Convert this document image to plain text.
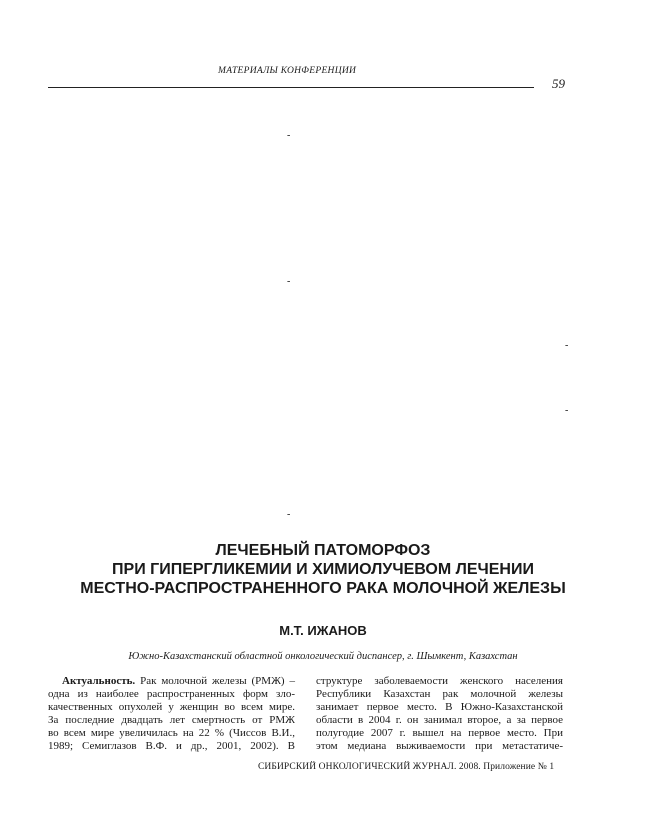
МАТЕРИАЛЫ КОНФЕРЕНЦИИ
59
-
-
-
-
-
ЛЕЧЕБНЫЙ ПАТОМОРФОЗ
ПРИ ГИПЕРГЛИКЕМИИ И ХИМИОЛУЧЕВОМ ЛЕЧЕНИИ
МЕСТНО-РАСПРОСТРАНЕННОГО РАКА МОЛОЧНОЙ ЖЕЛЕЗЫ
М.Т. ИЖАНОВ
Южно-Казахстанский областной онкологический диспансер, г. Шымкент, Казахстан
Актуальность. Рак молочной железы (РМЖ) –
одна из наиболее распространенных форм зло-
качественных опухолей у женщин во всем мире.
За последние двадцать лет смертность от РМЖ
во всем мире увеличилась на 22 % (Чиссов В.И.,
1989; Семиглазов В.Ф. и др., 2001, 2002). В
структуре заболеваемости женского населения
Республики Казахстан рак молочной железы
занимает первое место. В Южно-Казахстанской
области в 2004 г. он занимал второе, а за первое
полугодие 2007 г. вышел на первое место. При
этом медиана выживаемости при метастатиче-
СИБИРСКИЙ ОНКОЛОГИЧЕСКИЙ ЖУРНАЛ. 2008. Приложение № 1
